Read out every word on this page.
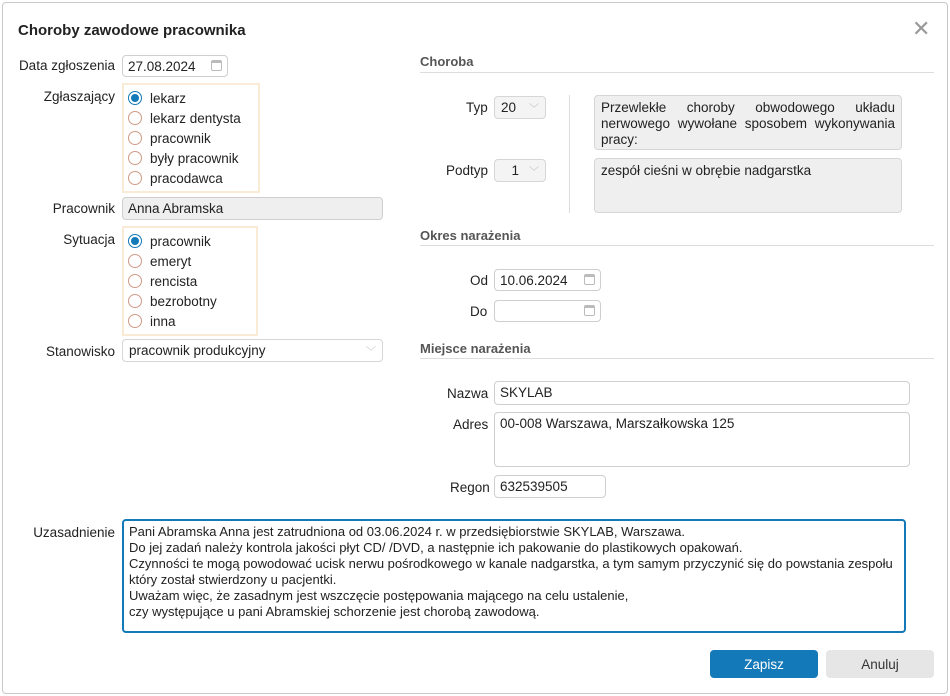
Choroby zawodowe pracownika	✕
Data zgłoszenia 27.08.2024
Zgłaszający	lekarz
lekarz dentysta
pracownik
były pracownik
pracodawca
Pracownik Anna Abramska
Sytuacja	pracownik
emeryt
rencista
bezrobotny
inna
Stanowisko pracownik produkcyjny	﹀
Choroba
Typ 20 ﹀	Przewlekłe choroby obwodowego układu nerwowego wywołane sposobem wykonywania pracy:
Podtyp 1 ﹀	zespół cieśni w obrębie nadgarstka
Okres narażenia
Od 10.06.2024
Do
Miejsce narażenia
Nazwa SKYLAB
Adres 00-008 Warszawa, Marszałkowska 125
Regon 632539505
Uzasadnienie Pani Abramska Anna jest zatrudniona od 03.06.2024 r. w przedsiębiorstwie SKYLAB, Warszawa.
Do jej zadań należy kontrola jakości płyt CD/ /DVD, a następnie ich pakowanie do plastikowych opakowań.
Czynności te mogą powodować ucisk nerwu pośrodkowego w kanale nadgarstka, a tym samym przyczynić się do powstania zespołu
który został stwierdzony u pacjentki.
Uważam więc, że zasadnym jest wszczęcie postępowania mającego na celu ustalenie,
czy występujące u pani Abramskiej schorzenie jest chorobą zawodową.
Zapisz	Anuluj
